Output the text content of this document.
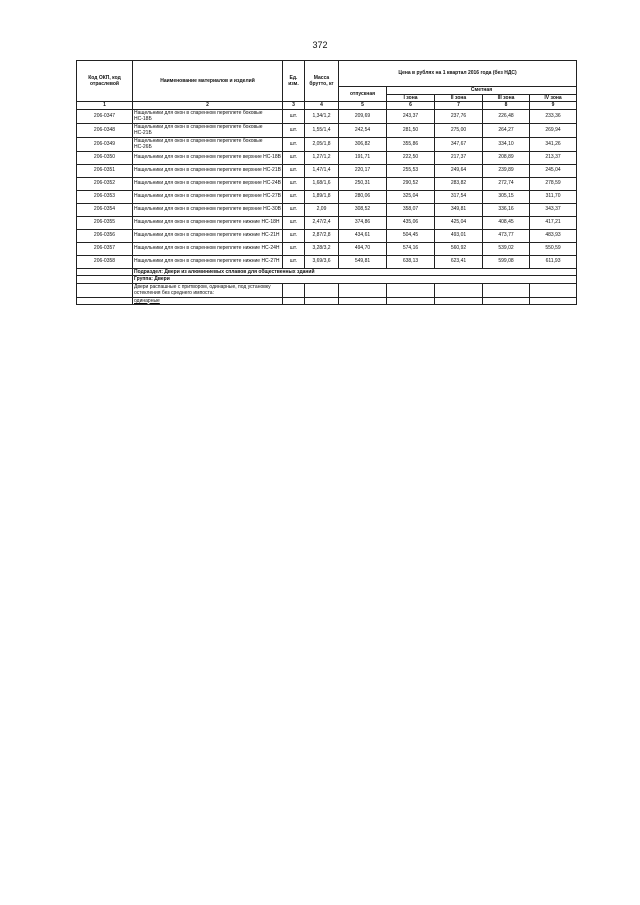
372
Код ОКП, код отраслевой	Наименование материалов и изделий	Ед. изм.	Масса брутто, кг	Цена в рублях на 1 квартал 2016 года (без НДС)				
				отпускная	Сметная			
					I зона	II зона	III зона	IV зона
1	2	3	4	5	6	7	8	9
206-0347	Нащельники для окон в спаренном переплете боковые НС-18Б	шт.	1,34/1,2	209,69	243,37	237,76	226,48	233,36
206-0348	Нащельники для окон в спаренном переплете боковые НС-21Б	шт.	1,55/1,4	242,54	281,50	275,00	264,27	269,94
206-0349	Нащельники для окон в спаренном переплете боковые НС-26Б	шт.	2,05/1,8	306,82	355,86	347,67	334,10	341,26
206-0350	Нащельники для окон в спаренном переплете верхние НС-18В	шт.	1,27/1,2	191,71	222,50	217,37	208,89	213,37
206-0351	Нащельники для окон в спаренном переплете верхние НС-21В	шт.	1,47/1,4	220,17	255,53	249,64	239,89	245,04
206-0352	Нащельники для окон в спаренном переплете верхние НС-24В	шт.	1,68/1,6	250,31	290,52	283,82	272,74	278,59
206-0353	Нащельники для окон в спаренном переплете верхние НС-27В	шт.	1,89/1,8	280,06	325,04	317,54	305,15	311,70
206-0354	Нащельники для окон в спаренном переплете верхние НС-30В	шт.	2,09	308,52	358,07	349,81	336,16	343,37
206-0355	Нащельники для окон в спаренном переплете нижние НС-18Н	шт.	2,47/2,4	374,86	435,06	425,04	408,45	417,21
206-0356	Нащельники для окон в спаренном переплете нижние НС-21Н	шт.	2,87/2,8	434,61	504,45	493,01	473,77	483,93
206-0357	Нащельники для окон в спаренном переплете нижние НС-24Н	шт.	3,28/3,2	494,70	574,16	560,92	539,02	550,59
206-0358	Нащельники для окон в спаренном переплете нижние НС-27Н	шт.	3,69/3,6	549,81	638,13	623,41	599,08	611,93
	Подраздел: Двери из алюминиевых сплавов для общественных зданий							
	Группа: Двери							
	Двери распашные с притвором, одинарные, под установку остекления без среднего импоста:							
	одинарные							
